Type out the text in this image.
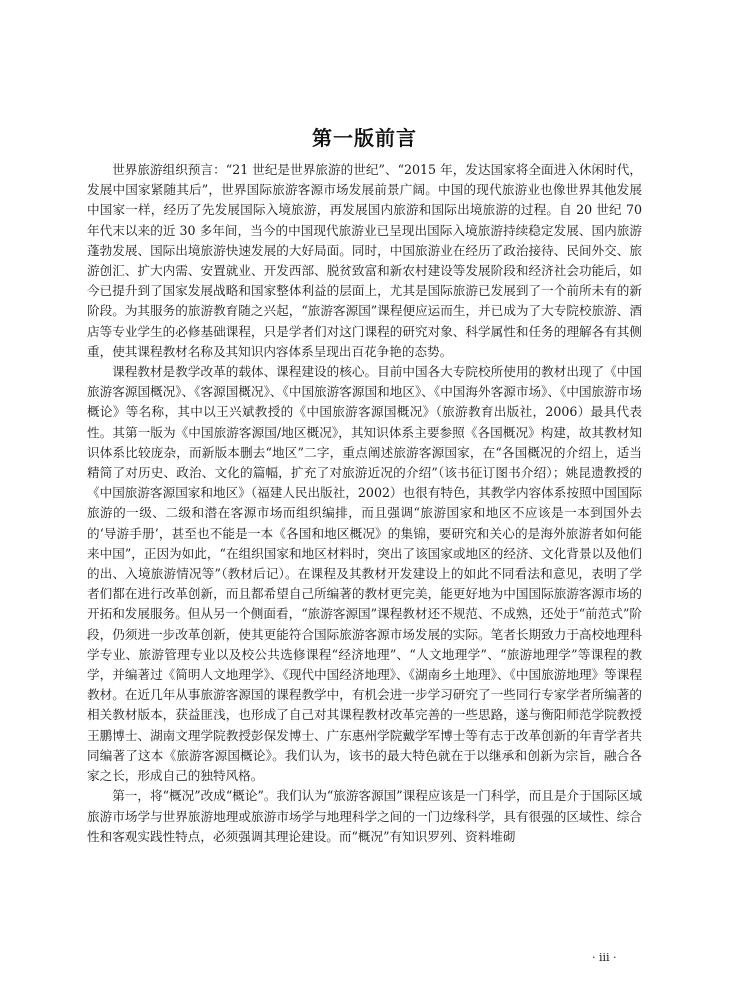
第一版前言

世界旅游组织预言：“21 世纪是世界旅游的世纪”、“2015 年，发达国家将全面进入休闲时代，发展中国家紧随其后”，世界国际旅游客源市场发展前景广阔。中国的现代旅游业也像世界其他发展中国家一样，经历了先发展国际入境旅游，再发展国内旅游和国际出境旅游的过程。自 20 世纪 70 年代末以来的近 30 多年间，当今的中国现代旅游业已呈现出国际入境旅游持续稳定发展、国内旅游蓬勃发展、国际出境旅游快速发展的大好局面。同时，中国旅游业在经历了政治接待、民间外交、旅游创汇、扩大内需、安置就业、开发西部、脱贫致富和新农村建设等发展阶段和经济社会功能后，如今已提升到了国家发展战略和国家整体利益的层面上，尤其是国际旅游已发展到了一个前所未有的新阶段。为其服务的旅游教育随之兴起，“旅游客源国”课程便应运而生，并已成为了大专院校旅游、酒店等专业学生的必修基础课程，只是学者们对这门课程的研究对象、科学属性和任务的理解各有其侧重，使其课程教材名称及其知识内容体系呈现出百花争艳的态势。

课程教材是教学改革的载体、课程建设的核心。目前中国各大专院校所使用的教材出现了《中国旅游客源国概况》、《客源国概况》、《中国旅游客源国和地区》、《中国海外客源市场》、《中国旅游市场概论》等名称，其中以王兴斌教授的《中国旅游客源国概况》（旅游教育出版社，2006）最具代表性。其第一版为《中国旅游客源国/地区概况》，其知识体系主要参照《各国概况》构建，故其教材知识体系比较庞杂，而新版本删去“地区”二字，重点阐述旅游客源国家，在“各国概况的介绍上，适当精简了对历史、政治、文化的篇幅，扩充了对旅游近况的介绍”（该书征订图书介绍）；姚昆遗教授的《中国旅游客源国家和地区》（福建人民出版社，2002）也很有特色，其教学内容体系按照中国国际旅游的一级、二级和潜在客源市场而组织编排，而且强调“旅游国家和地区不应该是一本到国外去的‘导游手册’，甚至也不能是一本《各国和地区概况》的集锦，要研究和关心的是海外旅游者如何能来中国”，正因为如此，“在组织国家和地区材料时，突出了该国家或地区的经济、文化背景以及他们的出、入境旅游情况等”（教材后记）。在课程及其教材开发建设上的如此不同看法和意见，表明了学者们都在进行改革创新，而且都希望自己所编著的教材更完美，能更好地为中国国际旅游客源市场的开拓和发展服务。但从另一个侧面看，“旅游客源国”课程教材还不规范、不成熟，还处于“前范式”阶段，仍须进一步改革创新，使其更能符合国际旅游客源市场发展的实际。笔者长期致力于高校地理科学专业、旅游管理专业以及校公共选修课程“经济地理”、“人文地理学”、“旅游地理学”等课程的教学，并编著过《简明人文地理学》、《现代中国经济地理》、《湖南乡土地理》、《中国旅游地理》等课程教材。在近几年从事旅游客源国的课程教学中，有机会进一步学习研究了一些同行专家学者所编著的相关教材版本，获益匪浅，也形成了自己对其课程教材改革完善的一些思路，遂与衡阳师范学院教授王鹏博士、湖南文理学院教授彭保发博士、广东惠州学院戴学军博士等有志于改革创新的年青学者共同编著了这本《旅游客源国概论》。我们认为，该书的最大特色就在于以继承和创新为宗旨，融合各家之长，形成自己的独特风格。

第一，将“概况”改成“概论”。我们认为“旅游客源国”课程应该是一门科学，而且是介于国际区域旅游市场学与世界旅游地理或旅游市场学与地理科学之间的一门边缘科学，具有很强的区域性、综合性和客观实践性特点，必须强调其理论建设。而“概况”有知识罗列、资料堆砌

· iii ·
